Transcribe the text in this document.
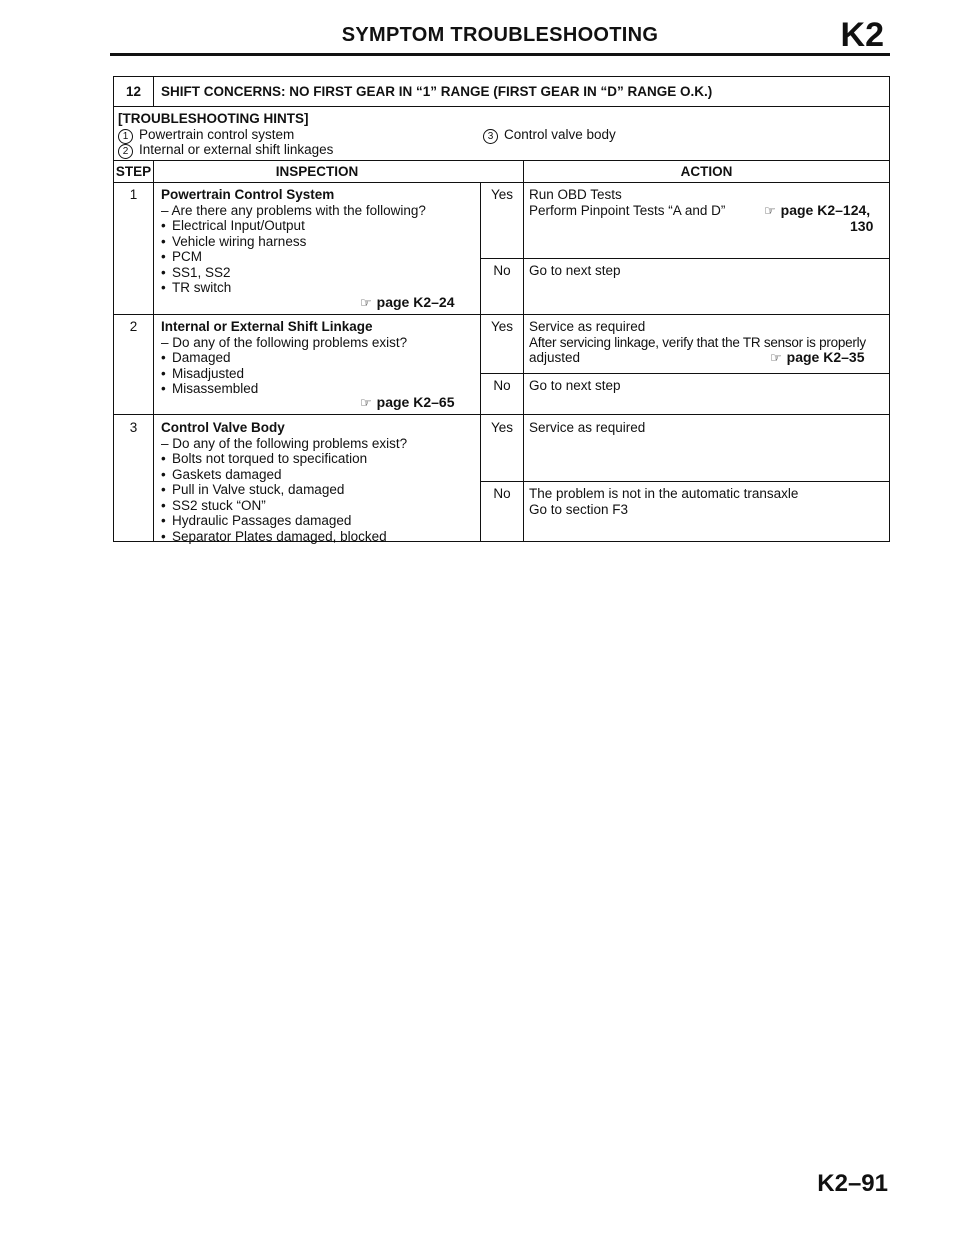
SYMPTOM TROUBLESHOOTING	K2
12	SHIFT CONCERNS: NO FIRST GEAR IN “1” RANGE (FIRST GEAR IN “D” RANGE O.K.)
[TROUBLESHOOTING HINTS]
1 Powertrain control system
2 Internal or external shift linkages
3 Control valve body
STEP	INSPECTION	ACTION
1	Powertrain Control System
– Are there any problems with the following?
• Electrical Input/Output
• Vehicle wiring harness
• PCM
• SS1, SS2
• TR switch
☞ page K2–24
Yes	Run OBD Tests
Perform Pinpoint Tests “A and D”	☞ page K2–124,
130
No	Go to next step
2	Internal or External Shift Linkage
– Do any of the following problems exist?
• Damaged
• Misadjusted
• Misassembled
☞ page K2–65
Yes	Service as required
After servicing linkage, verify that the TR sensor is properly
adjusted	☞ page K2–35
No	Go to next step
3	Control Valve Body
– Do any of the following problems exist?
• Bolts not torqued to specification
• Gaskets damaged
• Pull in Valve stuck, damaged
• SS2 stuck “ON”
• Hydraulic Passages damaged
• Separator Plates damaged, blocked
Yes	Service as required
No	The problem is not in the automatic transaxle
Go to section F3
K2–91
